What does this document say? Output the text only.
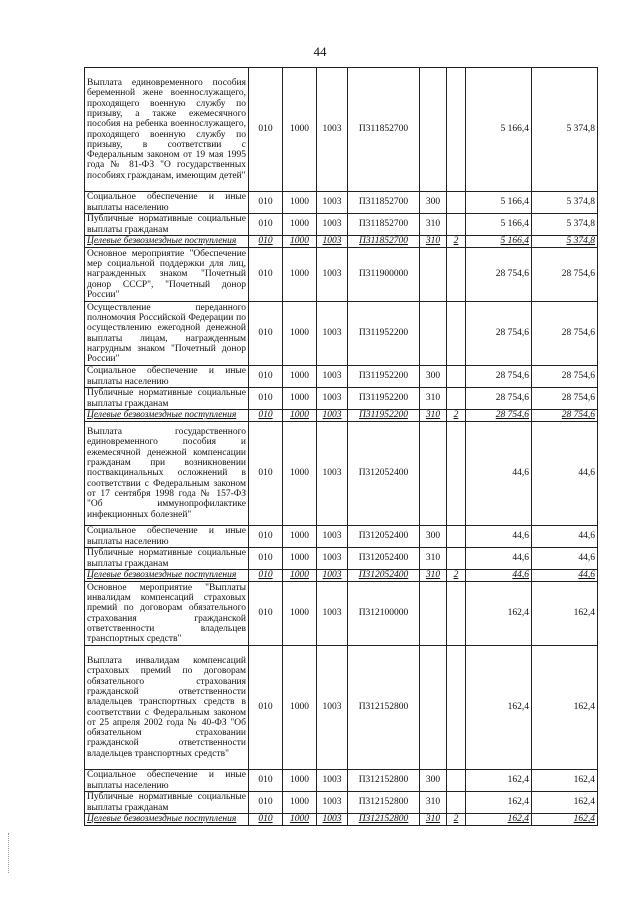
44
Выплата единовременного пособия беременной жене военнослужащего, проходящего военную службу по призыву, а также ежемесячного пособия на ребенка военнослужащего, проходящего военную службу по призыву, в соответствии с Федеральным законом от 19 мая 1995 года № 81-ФЗ "О государственных пособиях гражданам, имеющим детей"	010	1000	1003	П311852700			5 166,4	5 374,8
Социальное обеспечение и иные выплаты населению	010	1000	1003	П311852700	300		5 166,4	5 374,8
Публичные нормативные социальные выплаты гражданам	010	1000	1003	П311852700	310		5 166,4	5 374,8
Целевые безвозмездные поступления	010	1000	1003	П311852700	310	2	5 166,4	5 374,8
Основное мероприятие "Обеспечение мер социальной поддержки для лиц, награжденных знаком "Почетный донор СССР", "Почетный донор России"	010	1000	1003	П311900000			28 754,6	28 754,6
Осуществление переданного полномочия Российской Федерации по осуществлению ежегодной денежной выплаты лицам, награжденным нагрудным знаком "Почетный донор России"	010	1000	1003	П311952200			28 754,6	28 754,6
Социальное обеспечение и иные выплаты населению	010	1000	1003	П311952200	300		28 754,6	28 754,6
Публичные нормативные социальные выплаты гражданам	010	1000	1003	П311952200	310		28 754,6	28 754,6
Целевые безвозмездные поступления	010	1000	1003	П311952200	310	2	28 754,6	28 754,6
Выплата государственного единовременного пособия и ежемесячной денежной компенсации гражданам при возникновении поствакцинальных осложнений в соответствии с Федеральным законом от 17 сентября 1998 года № 157-ФЗ "Об иммунопрофилактике инфекционных болезней"	010	1000	1003	П312052400			44,6	44,6
Социальное обеспечение и иные выплаты населению	010	1000	1003	П312052400	300		44,6	44,6
Публичные нормативные социальные выплаты гражданам	010	1000	1003	П312052400	310		44,6	44,6
Целевые безвозмездные поступления	010	1000	1003	П312052400	310	2	44,6	44,6
Основное мероприятие "Выплаты инвалидам компенсаций страховых премий по договорам обязательного страхования гражданской ответственности владельцев транспортных средств"	010	1000	1003	П312100000			162,4	162,4
Выплата инвалидам компенсаций страховых премий по договорам обязательного страхования гражданской ответственности владельцев транспортных средств в соответствии с Федеральным законом от 25 апреля 2002 года № 40-ФЗ "Об обязательном страховании гражданской ответственности владельцев транспортных средств"	010	1000	1003	П312152800			162,4	162,4
Социальное обеспечение и иные выплаты населению	010	1000	1003	П312152800	300		162,4	162,4
Публичные нормативные социальные выплаты гражданам	010	1000	1003	П312152800	310		162,4	162,4
Целевые безвозмездные поступления	010	1000	1003	П312152800	310	2	162,4	162,4
